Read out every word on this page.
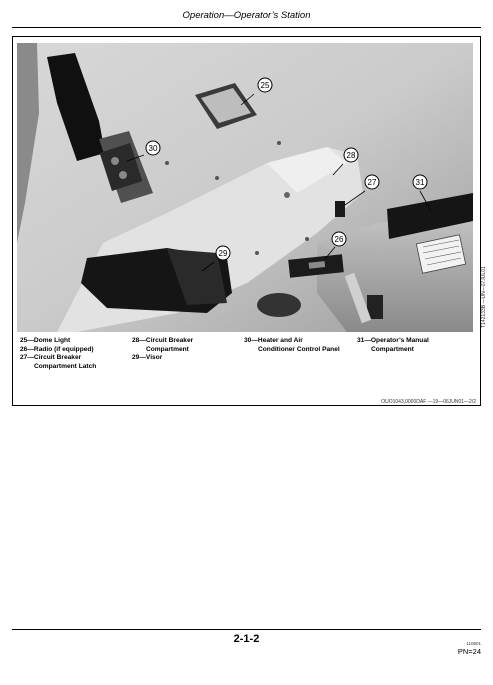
Operation—Operator’s Station
25
30
28
27	31
26
29
T142133B —UN—07JUL01
25—Dome Light
26—Radio (if equipped)
27—Circuit Breaker
Compartment Latch
28—Circuit Breaker
Compartment
29—Visor
30—Heater and Air
Conditioner Control Panel
31—Operator’s Manual
Compartment
OUO1043,0000DAF —19—06JUN01—2/2
2-1-2	110601
PN=24
